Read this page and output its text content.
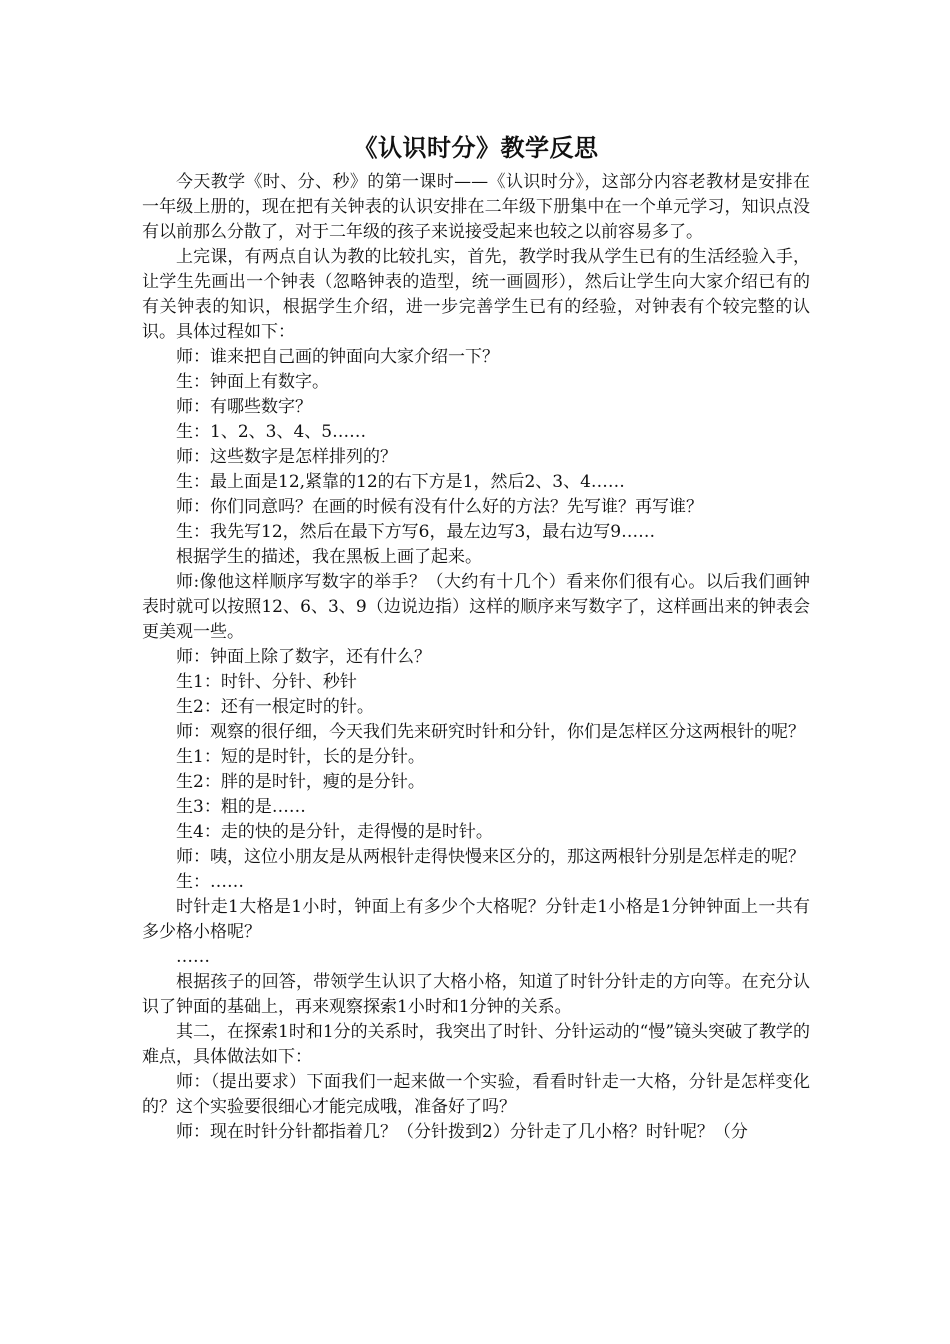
《认识时分》教学反思

今天教学《时、分、秒》的第一课时——《认识时分》，这部分内容老教材是安排在一年级上册的，现在把有关钟表的认识安排在二年级下册集中在一个单元学习，知识点没有以前那么分散了，对于二年级的孩子来说接受起来也较之以前容易多了。

上完课，有两点自认为教的比较扎实，首先，教学时我从学生已有的生活经验入手，让学生先画出一个钟表（忽略钟表的造型，统一画圆形），然后让学生向大家介绍已有的有关钟表的知识，根据学生介绍，进一步完善学生已有的经验，对钟表有个较完整的认识。具体过程如下：

师：谁来把自己画的钟面向大家介绍一下？

生：钟面上有数字。

师：有哪些数字？

生：1、2、3、4、5……

师：这些数字是怎样排列的？

生：最上面是12,紧靠的12的右下方是1，然后2、3、4……

师：你们同意吗？在画的时候有没有什么好的方法？先写谁？再写谁？

生：我先写12，然后在最下方写6，最左边写3，最右边写9……

根据学生的描述，我在黑板上画了起来。

师:像他这样顺序写数字的举手？（大约有十几个）看来你们很有心。以后我们画钟表时就可以按照12、6、3、9（边说边指）这样的顺序来写数字了，这样画出来的钟表会更美观一些。

师：钟面上除了数字，还有什么？

生1：时针、分针、秒针

生2：还有一根定时的针。

师：观察的很仔细，今天我们先来研究时针和分针，你们是怎样区分这两根针的呢？

生1：短的是时针，长的是分针。

生2：胖的是时针，瘦的是分针。

生3：粗的是……

生4：走的快的是分针，走得慢的是时针。

师：咦，这位小朋友是从两根针走得快慢来区分的，那这两根针分别是怎样走的呢？

生：……

时针走1大格是1小时，钟面上有多少个大格呢？分针走1小格是1分钟钟面上一共有多少格小格呢？

……

根据孩子的回答，带领学生认识了大格小格，知道了时针分针走的方向等。在充分认识了钟面的基础上，再来观察探索1小时和1分钟的关系。

其二，在探索1时和1分的关系时，我突出了时针、分针运动的“慢”镜头突破了教学的难点，具体做法如下：

师：（提出要求）下面我们一起来做一个实验，看看时针走一大格，分针是怎样变化的？这个实验要很细心才能完成哦，准备好了吗？

师：现在时针分针都指着几？（分针拨到2）分针走了几小格？时针呢？（分
